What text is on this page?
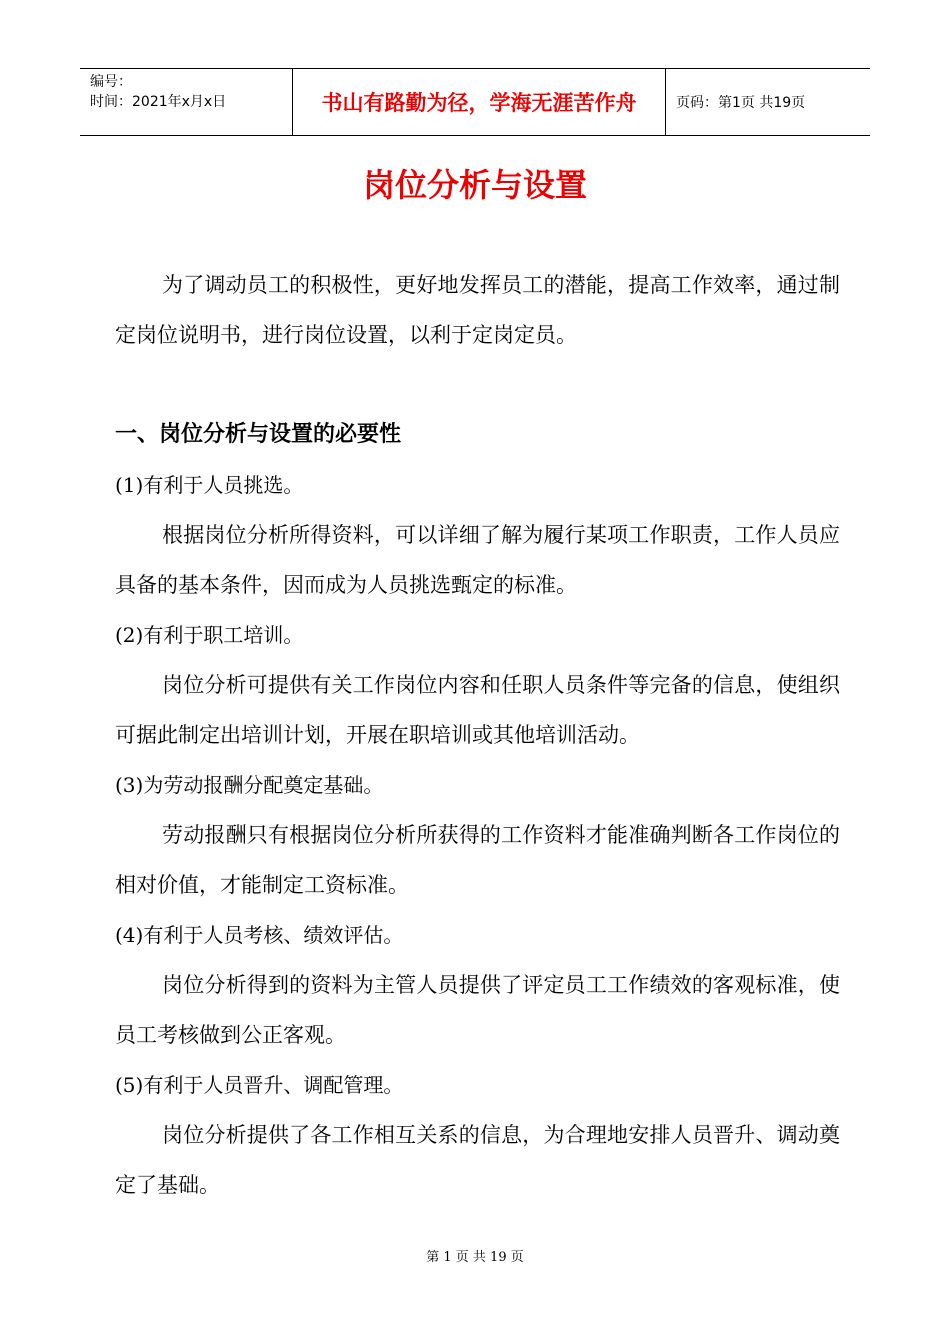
编号：
时间：2021年x月x日	书山有路勤为径，学海无涯苦作舟	页码：第1页 共19页
岗位分析与设置

为了调动员工的积极性，更好地发挥员工的潜能，提高工作效率，通过制定岗位说明书，进行岗位设置，以利于定岗定员。

一、岗位分析与设置的必要性

(1)有利于人员挑选。

根据岗位分析所得资料，可以详细了解为履行某项工作职责，工作人员应具备的基本条件，因而成为人员挑选甄定的标准。

(2)有利于职工培训。

岗位分析可提供有关工作岗位内容和任职人员条件等完备的信息，使组织可据此制定出培训计划，开展在职培训或其他培训活动。

(3)为劳动报酬分配奠定基础。

劳动报酬只有根据岗位分析所获得的工作资料才能准确判断各工作岗位的相对价值，才能制定工资标准。

(4)有利于人员考核、绩效评估。

岗位分析得到的资料为主管人员提供了评定员工工作绩效的客观标准，使员工考核做到公正客观。

(5)有利于人员晋升、调配管理。

岗位分析提供了各工作相互关系的信息，为合理地安排人员晋升、调动奠定了基础。

第 1 页 共 19 页
